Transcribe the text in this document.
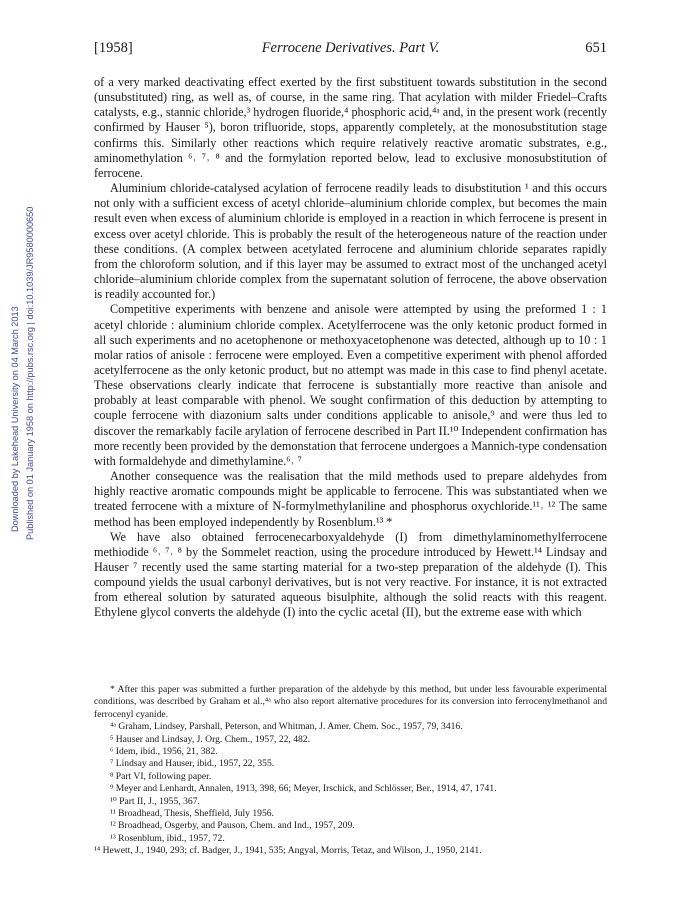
Downloaded by Lakehead University on 04 March 2013 Published on 01 January 1958 on http://pubs.rsc.org | doi:10.1039/JR9580000650
[1958]	Ferrocene Derivatives. Part V.	651

of a very marked deactivating effect exerted by the first substituent towards substitution in the second (unsubstituted) ring, as well as, of course, in the same ring. That acylation with milder Friedel–Crafts catalysts, e.g., stannic chloride,³ hydrogen fluoride,⁴ phosphoric acid,⁴ᵃ and, in the present work (recently confirmed by Hauser ⁵), boron trifluoride, stops, apparently completely, at the monosubstitution stage confirms this. Similarly other reactions which require relatively reactive aromatic substrates, e.g., aminomethylation ⁶˒ ⁷˒ ⁸ and the formylation reported below, lead to exclusive monosubstitution of ferrocene.

Aluminium chloride-catalysed acylation of ferrocene readily leads to disubstitution ¹ and this occurs not only with a sufficient excess of acetyl chloride–aluminium chloride complex, but becomes the main result even when excess of aluminium chloride is employed in a reaction in which ferrocene is present in excess over acetyl chloride. This is probably the result of the heterogeneous nature of the reaction under these conditions. (A complex between acetylated ferrocene and aluminium chloride separates rapidly from the chloroform solution, and if this layer may be assumed to extract most of the unchanged acetyl chloride–aluminium chloride complex from the supernatant solution of ferrocene, the above observation is readily accounted for.)

Competitive experiments with benzene and anisole were attempted by using the preformed 1 : 1 acetyl chloride : aluminium chloride complex. Acetylferrocene was the only ketonic product formed in all such experiments and no acetophenone or methoxyacetophenone was detected, although up to 10 : 1 molar ratios of anisole : ferrocene were employed. Even a competitive experiment with phenol afforded acetylferrocene as the only ketonic product, but no attempt was made in this case to find phenyl acetate. These observations clearly indicate that ferrocene is substantially more reactive than anisole and probably at least comparable with phenol. We sought confirmation of this deduction by attempting to couple ferrocene with diazonium salts under conditions applicable to anisole,⁹ and were thus led to discover the remarkably facile arylation of ferrocene described in Part II.¹⁰ Independent confirmation has more recently been provided by the demonstation that ferrocene undergoes a Mannich-type condensation with formaldehyde and dimethylamine.⁶˒ ⁷

Another consequence was the realisation that the mild methods used to prepare aldehydes from highly reactive aromatic compounds might be applicable to ferrocene. This was substantiated when we treated ferrocene with a mixture of N-formylmethylaniline and phosphorus oxychloride.¹¹˒ ¹² The same method has been employed independently by Rosenblum.¹³ *

We have also obtained ferrocenecarboxyaldehyde (I) from dimethylaminomethylferrocene methiodide ⁶˒ ⁷˒ ⁸ by the Sommelet reaction, using the procedure introduced by Hewett.¹⁴ Lindsay and Hauser ⁷ recently used the same starting material for a two-step preparation of the aldehyde (I). This compound yields the usual carbonyl derivatives, but is not very reactive. For instance, it is not extracted from ethereal solution by saturated aqueous bisulphite, although the solid reacts with this reagent. Ethylene glycol converts the aldehyde (I) into the cyclic acetal (II), but the extreme ease with which

* After this paper was submitted a further preparation of the aldehyde by this method, but under less favourable experimental conditions, was described by Graham et al.,⁴ᵃ who also report alternative procedures for its conversion into ferrocenylmethanol and ferrocenyl cyanide.

⁴ᵃ Graham, Lindsey, Parshall, Peterson, and Whitman, J. Amer. Chem. Soc., 1957, 79, 3416.

⁵ Hauser and Lindsay, J. Org. Chem., 1957, 22, 482.

⁶ Idem, ibid., 1956, 21, 382.

⁷ Lindsay and Hauser, ibid., 1957, 22, 355.

⁸ Part VI, following paper.

⁹ Meyer and Lenhardt, Annalen, 1913, 398, 66; Meyer, Irschick, and Schlösser, Ber., 1914, 47, 1741.

¹⁰ Part II, J., 1955, 367.

¹¹ Broadhead, Thesis, Sheffield, July 1956.

¹² Broadhead, Osgerby, and Pauson, Chem. and Ind., 1957, 209.

¹³ Rosenblum, ibid., 1957, 72.

¹⁴ Hewett, J., 1940, 293; cf. Badger, J., 1941, 535; Angyal, Morris, Tetaz, and Wilson, J., 1950, 2141.
